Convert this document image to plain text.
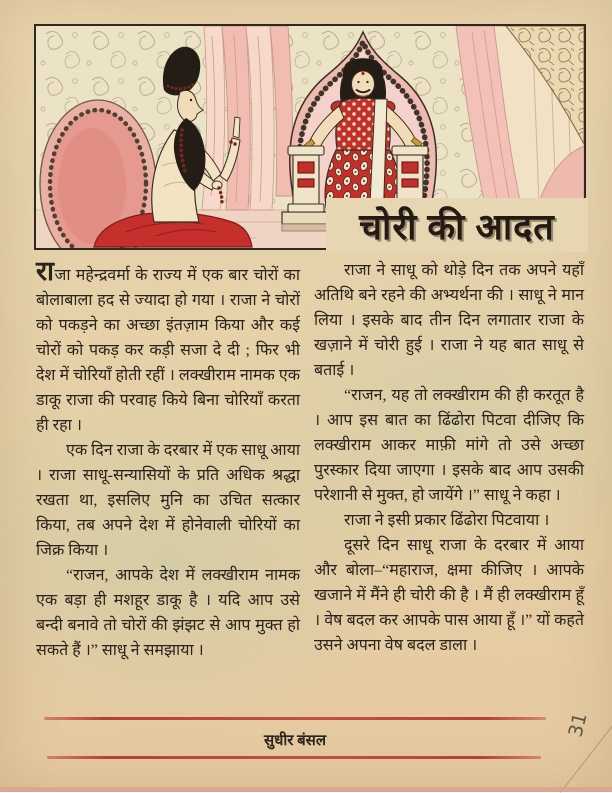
चोरी की आदत

राजा महेन्द्रवर्मा के राज्य में एक बार चोरों का बोलाबाला हद से ज्यादा हो गया । राजा ने चोरों को पकड़ने का अच्छा इंतज़ाम किया और कई चोरों को पकड़ कर कड़ी सजा दे दी ; फिर भी देश में चोरियाँ होती रहीं । लक्खीराम नामक एक डाकू राजा की परवाह किये बिना चोरियाँ करता ही रहा ।

एक दिन राजा के दरबार में एक साधू आया । राजा साधू-सन्यासियों के प्रति अधिक श्रद्धा रखता था, इसलिए मुनि का उचित सत्कार किया, तब अपने देश में होनेवाली चोरियों का जिक्र किया ।

“राजन, आपके देश में लक्खीराम नामक एक बड़ा ही मशहूर डाकू है । यदि आप उसे बन्दी बनावे तो चोरों की झंझट से आप मुक्त हो सकते हैं ।” साधू ने समझाया ।

राजा ने साधू को थोड़े दिन तक अपने यहाँ अतिथि बने रहने की अभ्यर्थना की । साधू ने मान लिया । इसके बाद तीन दिन लगातार राजा के खज़ाने में चोरी हुई । राजा ने यह बात साधू से बताई ।

“राजन, यह तो लक्खीराम की ही करतूत है । आप इस बात का ढिंढोरा पिटवा दीजिए कि लक्खीराम आकर माफ़ी मांगे तो उसे अच्छा पुरस्कार दिया जाएगा । इसके बाद आप उसकी परेशानी से मुक्त, हो जायेंगे ।” साधू ने कहा ।

राजा ने इसी प्रकार ढिंढोरा पिटवाया ।

दूसरे दिन साधू राजा के दरबार में आया और बोला–“महाराज, क्षमा कीजिए । आपके खजाने में मैंने ही चोरी की है । मैं ही लक्खीराम हूँ । वेष बदल कर आपके पास आया हूँ ।” यों कहते उसने अपना वेष बदल डाला ।

सुधीर बंसल
31
